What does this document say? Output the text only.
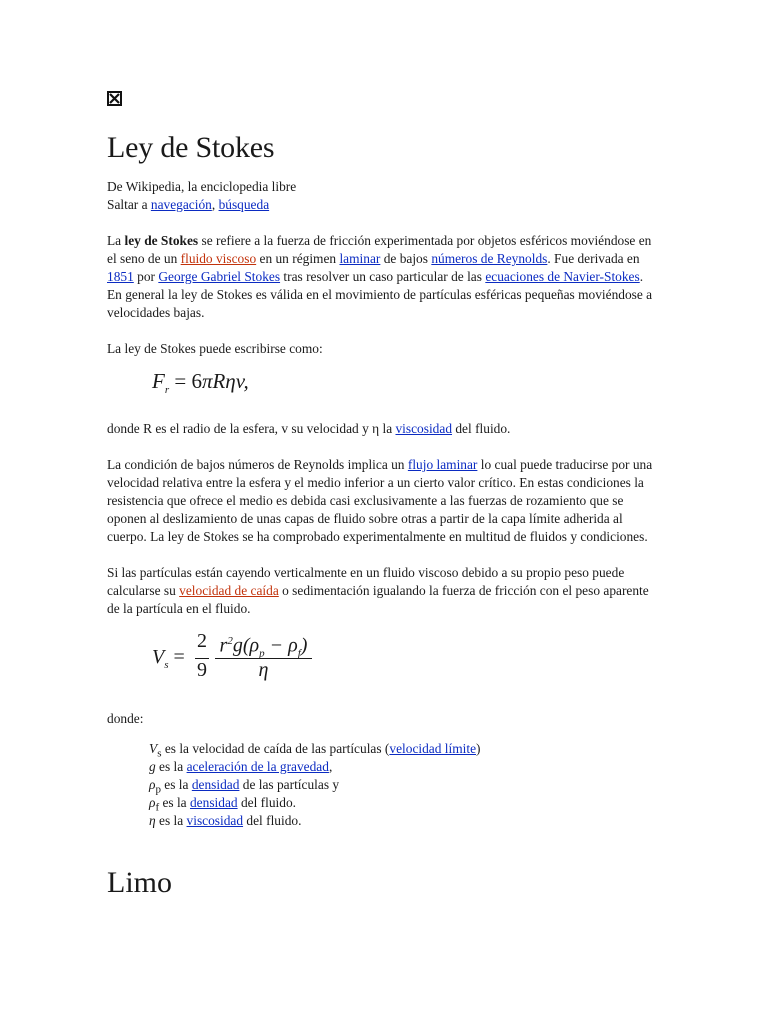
Ley de Stokes

De Wikipedia, la enciclopedia libre

Saltar a navegación, búsqueda

La ley de Stokes se refiere a la fuerza de fricción experimentada por objetos esféricos moviéndose en el seno de un fluido viscoso en un régimen laminar de bajos números de Reynolds. Fue derivada en 1851 por George Gabriel Stokes tras resolver un caso particular de las ecuaciones de Navier-Stokes. En general la ley de Stokes es válida en el movimiento de partículas esféricas pequeñas moviéndose a velocidades bajas.

La ley de Stokes puede escribirse como:

$F_r = 6\pi R\eta v$,

donde R es el radio de la esfera, v su velocidad y η la viscosidad del fluido.

La condición de bajos números de Reynolds implica un flujo laminar lo cual puede traducirse por una velocidad relativa entre la esfera y el medio inferior a un cierto valor crítico. En estas condiciones la resistencia que ofrece el medio es debida casi exclusivamente a las fuerzas de rozamiento que se oponen al deslizamiento de unas capas de fluido sobre otras a partir de la capa límite adherida al cuerpo. La ley de Stokes se ha comprobado experimentalmente en multitud de fluidos y condiciones.

Si las partículas están cayendo verticalmente en un fluido viscoso debido a su propio peso puede calcularse su velocidad de caída o sedimentación igualando la fuerza de fricción con el peso aparente de la partícula en el fluido.

$V_s$ =
2
9
$r^2g(\rho_p - \rho_f)$
η

donde:

$V_s$ es la velocidad de caída de las partículas (velocidad límite)
g es la aceleración de la gravedad,
$\rho_p$ es la densidad de las partículas y
$\rho_f$ es la densidad del fluido.
η es la viscosidad del fluido.
Limo
